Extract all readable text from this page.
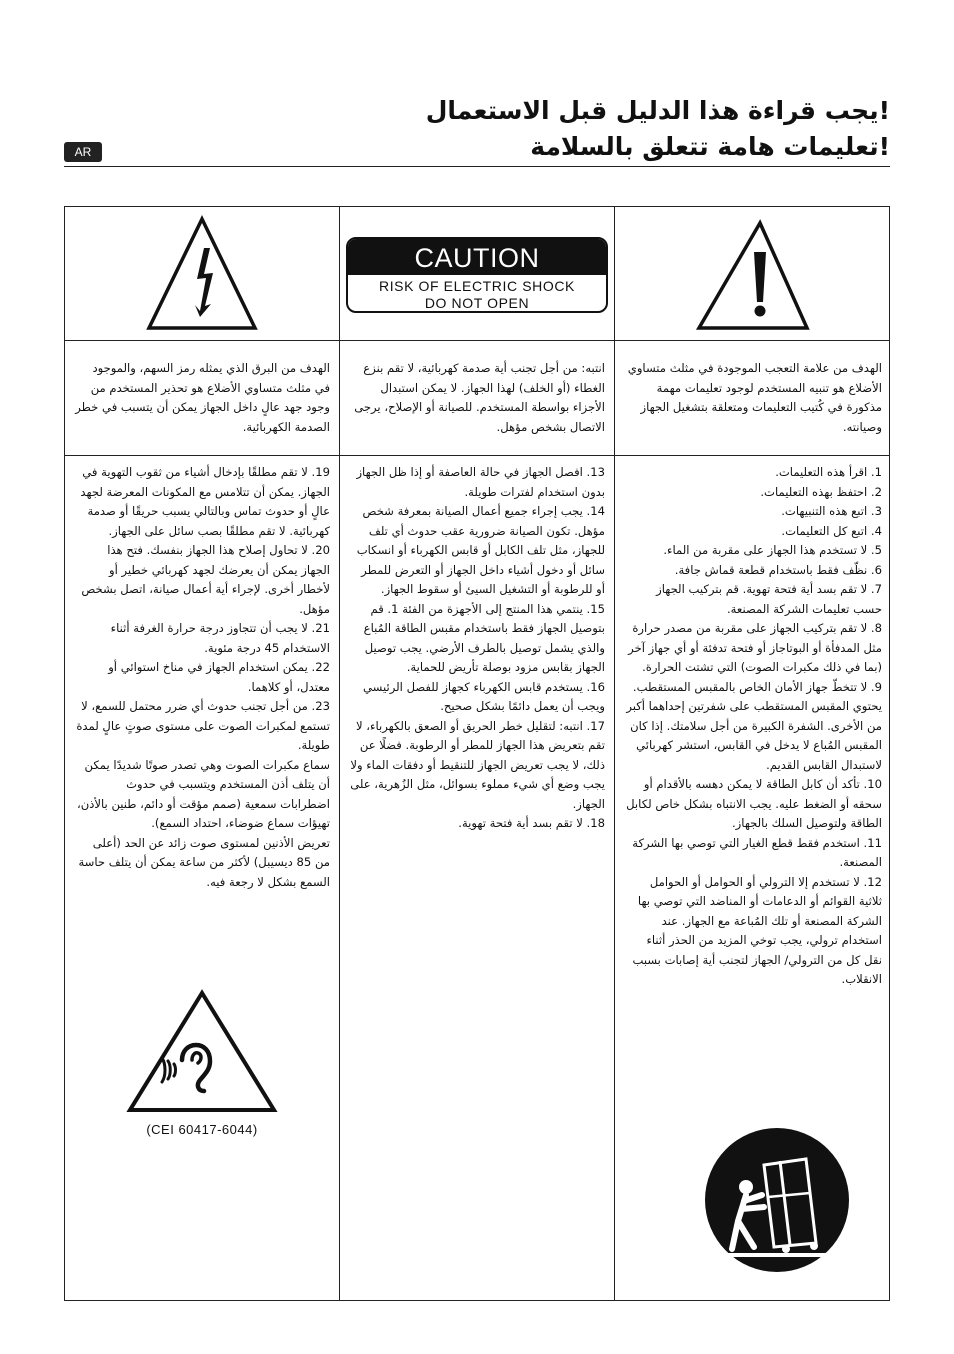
!يجب قراءة هذا الدليل قبل الاستعمال
!تعليمات هامة تتعلق بالسلامة
AR
CAUTION
RISK OF ELECTRIC SHOCK
DO NOT OPEN
الهدف من البرق الذي يمثله رمز السهم، والموجود في مثلث متساوي الأضلاع هو تحذير المستخدم من وجود جهد عالٍ داخل الجهاز يمكن أن يتسبب في خطر الصدمة الكهربائية.
انتبه: من أجل تجنب أية صدمة كهربائية، لا تقم بنزع الغطاء (أو الخلف) لهذا الجهاز. لا يمكن استبدال الأجزاء بواسطة المستخدم. للصيانة أو الإصلاح، يرجى الاتصال بشخص مؤهل.
الهدف من علامة التعجب الموجودة في مثلث متساوي الأضلاع هو تنبيه المستخدم لوجود تعليمات مهمة مذكورة في كُتيب التعليمات ومتعلقة بتشغيل الجهاز وصيانته.

19. لا تقم مطلقًا بإدخال أشياء من ثقوب التهوية في الجهاز. يمكن أن تتلامس مع المكونات المعرضة لجهد عالٍ أو حدوث تماس وبالتالي يسبب حريقًا أو صدمة كهربائية. لا تقم مطلقًا بصب سائل على الجهاز.

20. لا تحاول إصلاح هذا الجهاز بنفسك. فتح هذا الجهاز يمكن أن يعرضك لجهد كهربائي خطير أو لأخطار أخرى. لإجراء أية أعمال صيانة، اتصل بشخص مؤهل.

21. لا يجب أن تتجاوز درجة حرارة الغرفة أثناء الاستخدام 45 درجة مئوية.

22. يمكن استخدام الجهاز في مناخ استوائي أو معتدل، أو كلاهما.

23. من أجل تجنب حدوث أي ضرر محتمل للسمع، لا تستمع لمكبرات الصوت على مستوى صوتٍ عالٍ لمدة طويلة.

سماع مكبرات الصوت وهي تصدر صوتًا شديدًا يمكن أن يتلف أذن المستخدم ويتسبب في حدوث اضطرابات سمعية (صمم مؤقت أو دائم، طنين بالأذن، تهيؤات سماع ضوضاء، احتداد السمع).

تعريض الأذنين لمستوى صوت زائد عن الحد (أعلى من 85 ديسيبل) لأكثر من ساعة يمكن أن يتلف حاسة السمع بشكل لا رجعة فيه.

13. افصل الجهاز في حالة العاصفة أو إذا ظل الجهاز بدون استخدام لفترات طويلة.

14. يجب إجراء جميع أعمال الصيانة بمعرفة شخص مؤهل. تكون الصيانة ضرورية عقب حدوث أي تلف للجهاز، مثل تلف الكابل أو قابس الكهرباء أو انسكاب سائل أو دخول أشياء داخل الجهاز أو التعرض للمطر أو للرطوبة أو التشغيل السيئ أو سقوط الجهاز.

15. ينتمي هذا المنتج إلى الأجهزة من الفئة 1. قم بتوصيل الجهاز فقط باستخدام مقبس الطاقة المُباع والذي يشمل توصيل بالطرف الأرضي. يجب توصيل الجهاز بقابس مزود بوصلة تأريض للحماية.

16. يستخدم قابس الكهرباء كجهاز للفصل الرئيسي ويجب أن يعمل دائمًا بشكل صحيح.

17. انتبه: لتقليل خطر الحريق أو الصعق بالكهرباء، لا تقم بتعريض هذا الجهاز للمطر أو الرطوبة. فضلًا عن ذلك، لا يجب تعريض الجهاز للتنقيط أو دفقات الماء ولا يجب وضع أي شيء مملوء بسوائل، مثل الزُهرية، على الجهاز.

18. لا تقم بسد أية فتحة تهوية.

1. اقرأ هذه التعليمات.

2. احتفظ بهذه التعليمات.

3. اتبع هذه التنبيهات.

4. اتبع كل التعليمات.

5. لا تستخدم هذا الجهاز على مقربة من الماء.

6. نظّف فقط باستخدام قطعة قماش جافة.

7. لا تقم بسد أية فتحة تهوية. قم بتركيب الجهاز حسب تعليمات الشركة المصنعة.

8. لا تقم بتركيب الجهاز على مقربة من مصدر حرارة مثل المدفأة أو البوتاجاز أو فتحة تدفئة أو أي جهاز آخر (بما في ذلك مكبرات الصوت) التي تشتت الحرارة.

9. لا تتخطّ جهاز الأمان الخاص بالمقبس المستقطب. يحتوي المقبس المستقطب على شفرتين إحداهما أكبر من الأخرى. الشفرة الكبيرة من أجل سلامتك. إذا كان المقبس المُباع لا يدخل في القابس، استشر كهربائي لاستبدال القابس القديم.

10. تأكد أن كابل الطاقة لا يمكن دهسه بالأقدام أو سحقه أو الضغط عليه. يجب الانتباه بشكل خاص لكابل الطاقة ولتوصيل السلك بالجهاز.

11. استخدم فقط قطع الغيار التي توصي بها الشركة المصنعة.

12. لا تستخدم إلا الترولي أو الحوامل أو الحوامل ثلاثية القوائم أو الدعامات أو المناضد التي توصي بها الشركة المصنعة أو تلك المُباعة مع الجهاز. عند استخدام ترولي، يجب توخي المزيد من الحذر أثناء نقل كل من الترولي/ الجهاز لتجنب أية إصابات بسبب الانقلاب.

(CEI 60417-6044)
